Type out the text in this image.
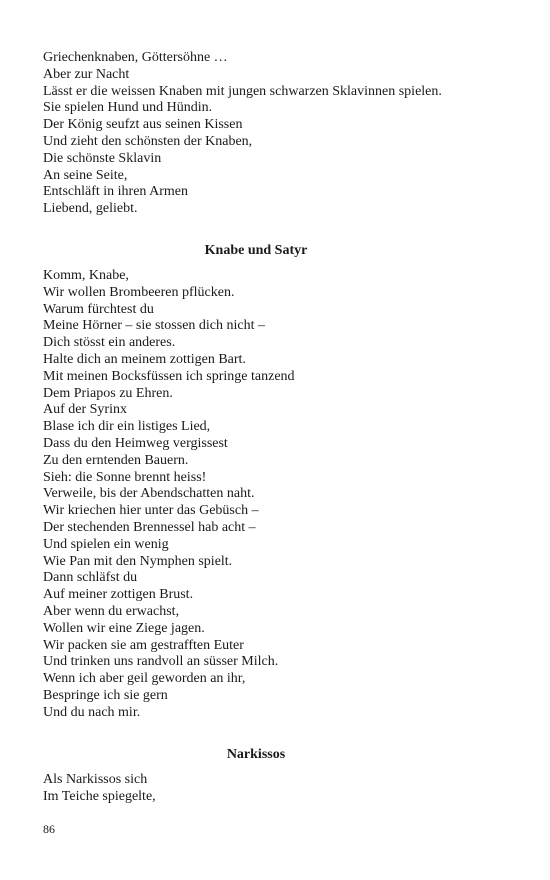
Griechenknaben, Göttersöhne …
Aber zur Nacht
Lässt er die weissen Knaben mit jungen schwarzen Sklavinnen spielen.
Sie spielen Hund und Hündin.
Der König seufzt aus seinen Kissen
Und zieht den schönsten der Knaben,
Die schönste Sklavin
An seine Seite,
Entschläft in ihren Armen
Liebend, geliebt.
Knabe und Satyr
Komm, Knabe,
Wir wollen Brombeeren pflücken.
Warum fürchtest du
Meine Hörner – sie stossen dich nicht –
Dich stösst ein anderes.
Halte dich an meinem zottigen Bart.
Mit meinen Bocksfüssen ich springe tanzend
Dem Priapos zu Ehren.
Auf der Syrinx
Blase ich dir ein listiges Lied,
Dass du den Heimweg vergissest
Zu den erntenden Bauern.
Sieh: die Sonne brennt heiss!
Verweile, bis der Abendschatten naht.
Wir kriechen hier unter das Gebüsch –
Der stechenden Brennessel hab acht –
Und spielen ein wenig
Wie Pan mit den Nymphen spielt.
Dann schläfst du
Auf meiner zottigen Brust.
Aber wenn du erwachst,
Wollen wir eine Ziege jagen.
Wir packen sie am gestrafften Euter
Und trinken uns randvoll an süsser Milch.
Wenn ich aber geil geworden an ihr,
Bespringe ich sie gern
Und du nach mir.
Narkissos
Als Narkissos sich
Im Teiche spiegelte,
86
